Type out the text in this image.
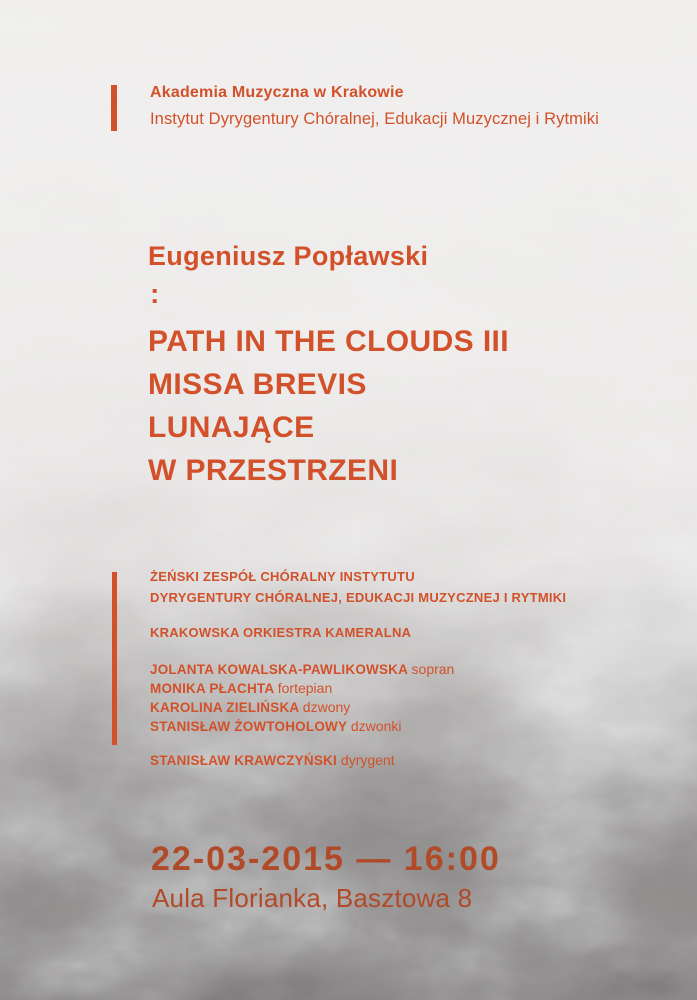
Akademia Muzyczna w Krakowie
Instytut Dyrygentury Chóralnej, Edukacji Muzycznej i Rytmiki
Eugeniusz Popławski
:
PATH IN THE CLOUDS III
MISSA BREVIS
LUNAJĄCE
W PRZESTRZENI
ŻEŃSKI ZESPÓŁ CHÓRALNY INSTYTUTU
DYRYGENTURY CHÓRALNEJ, EDUKACJI MUZYCZNEJ I RYTMIKI
KRAKOWSKA ORKIESTRA KAMERALNA
JOLANTA KOWALSKA-PAWLIKOWSKA sopran
MONIKA PŁACHTA fortepian
KAROLINA ZIELIŃSKA dzwony
STANISŁAW ŻOWTOHOLOWY dzwonki
STANISŁAW KRAWCZYŃSKI dyrygent
22-03-2015 — 16:00
Aula Florianka, Basztowa 8
